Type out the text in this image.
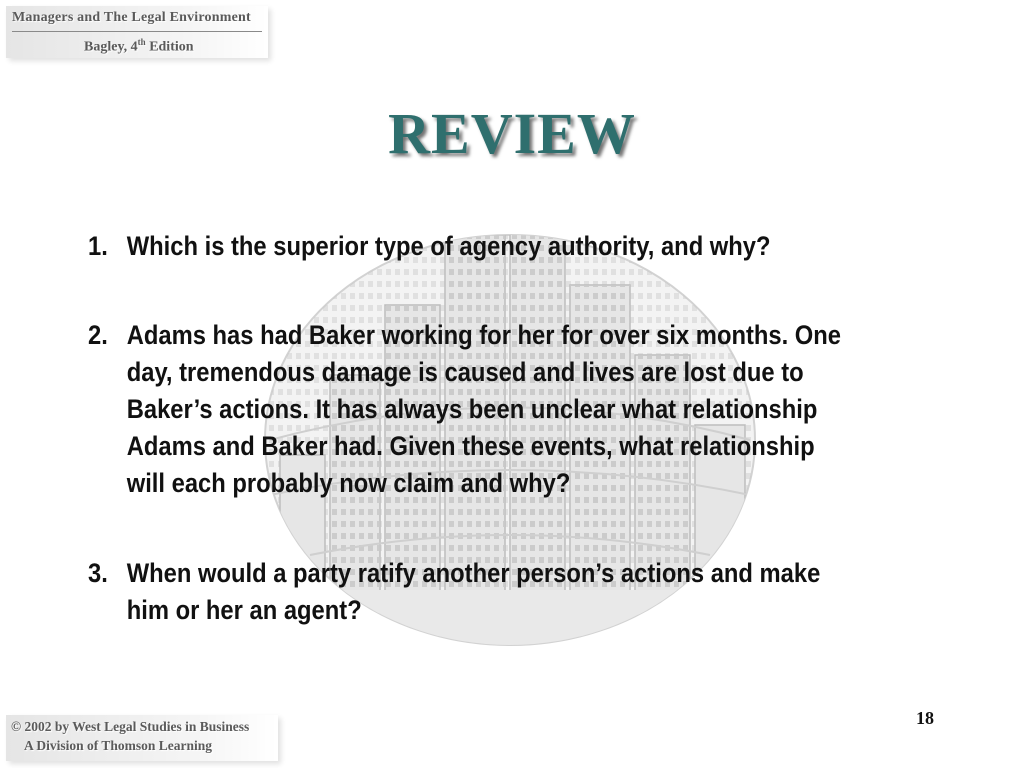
Managers and The Legal Environment
Bagley, 4th Edition
REVIEW
1. Which is the superior type of agency authority, and why?
2. Adams has had Baker working for her for over six months. One day, tremendous damage is caused and lives are lost due to Baker’s actions. It has always been unclear what relationship Adams and Baker had. Given these events, what relationship will each probably now claim and why?
3. When would a party ratify another person’s actions and make him or her an agent?
18
© 2002 by West Legal Studies in Business
A Division of Thomson Learning
